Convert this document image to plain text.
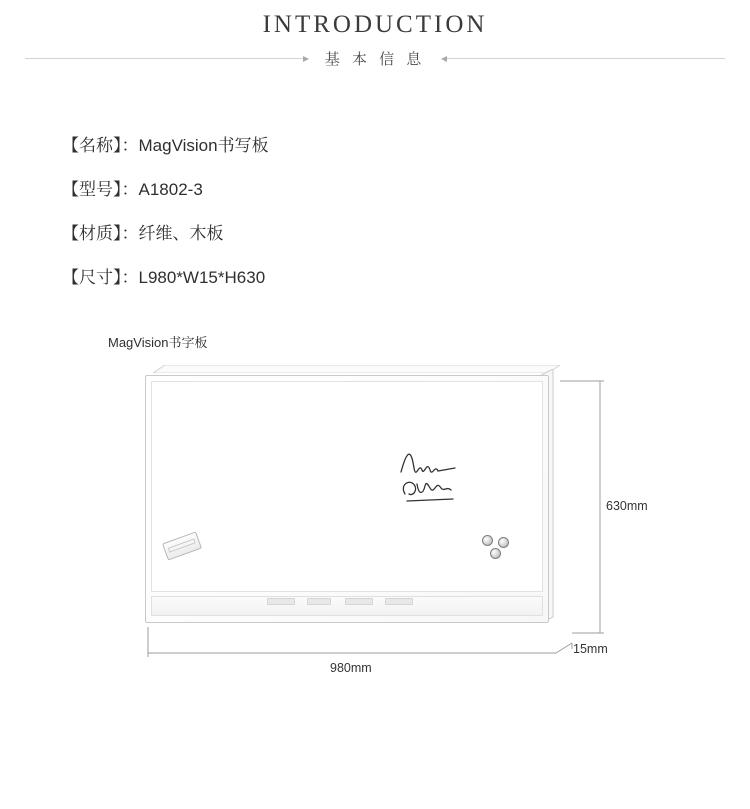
INTRODUCTION
基 本 信 息
【名称】：MagVision书写板
【型号】：A1802-3
【材质】：纤维、木板
【尺寸】：L980*W15*H630
MagVision书字板
980mm
15mm
630mm
